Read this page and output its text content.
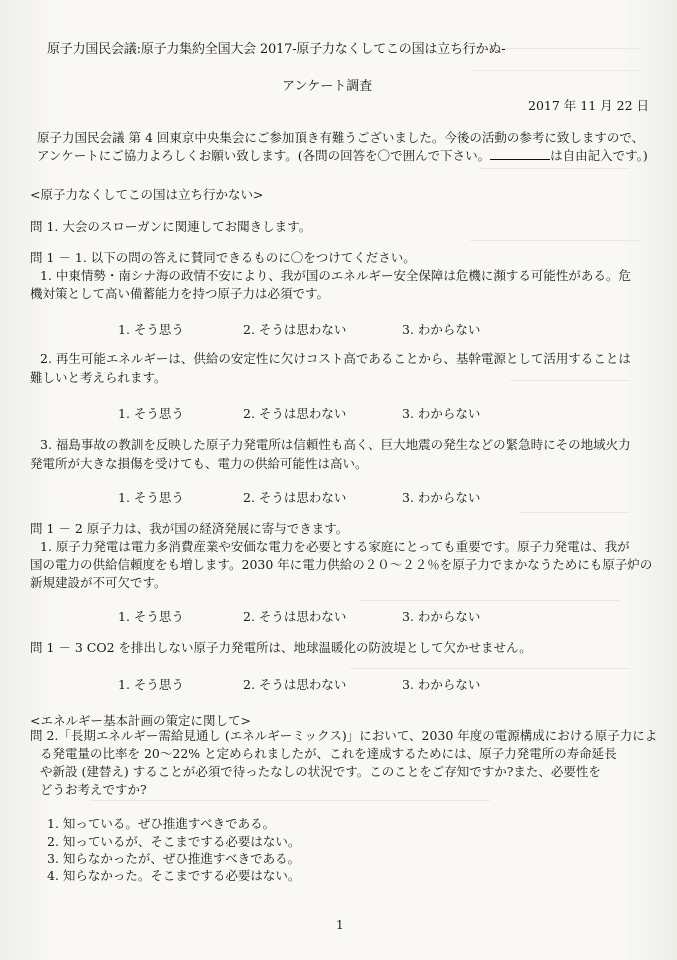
原子力国民会議:原子力集約全国大会 2017-原子力なくしてこの国は立ち行かぬ-
アンケート調査
2017 年 11 月 22 日
原子力国民会議 第 4 回東京中央集会にご参加頂き有難うございました。今後の活動の参考に致しますので、
アンケートにご協力よろしくお願い致します。(各問の回答を〇で囲んで下さい。	は自由記入です。)
<原子力なくしてこの国は立ち行かない>
問 1. 大会のスローガンに関連してお聞きします。
問 1 － 1. 以下の問の答えに賛同できるものに〇をつけてください。
1. 中東情勢・南シナ海の政情不安により、我が国のエネルギー安全保障は危機に瀕する可能性がある。危
機対策として高い備蓄能力を持つ原子力は必須です。
1. そう思う	2. そうは思わない	3. わからない
2. 再生可能エネルギーは、供給の安定性に欠けコスト高であることから、基幹電源として活用することは
難しいと考えられます。
1. そう思う	2. そうは思わない	3. わからない
3. 福島事故の教訓を反映した原子力発電所は信頼性も高く、巨大地震の発生などの緊急時にその地域火力
発電所が大きな損傷を受けても、電力の供給可能性は高い。
1. そう思う	2. そうは思わない	3. わからない
問 1 － 2 原子力は、我が国の経済発展に寄与できます。
1. 原子力発電は電力多消費産業や安価な電力を必要とする家庭にとっても重要です。原子力発電は、我が
国の電力の供給信頼度をも増します。2030 年に電力供給の２０～２２％を原子力でまかなうためにも原子炉の
新規建設が不可欠です。
1. そう思う	2. そうは思わない	3. わからない
問 1 － 3 CO2 を排出しない原子力発電所は、地球温暖化の防波堤として欠かせません。
1. そう思う	2. そうは思わない	3. わからない
<エネルギー基本計画の策定に関して>
問 2.「長期エネルギー需給見通し (エネルギーミックス)」において、2030 年度の電源構成における原子力によ
る発電量の比率を 20～22% と定められましたが、これを達成するためには、原子力発電所の寿命延長
や新設 (建替え) することが必須で待ったなしの状況です。このことをご存知ですか?また、必要性を
どうお考えですか?
1. 知っている。ぜひ推進すべきである。
2. 知っているが、そこまでする必要はない。
3. 知らなかったが、ぜひ推進すべきである。
4. 知らなかった。そこまでする必要はない。
1
